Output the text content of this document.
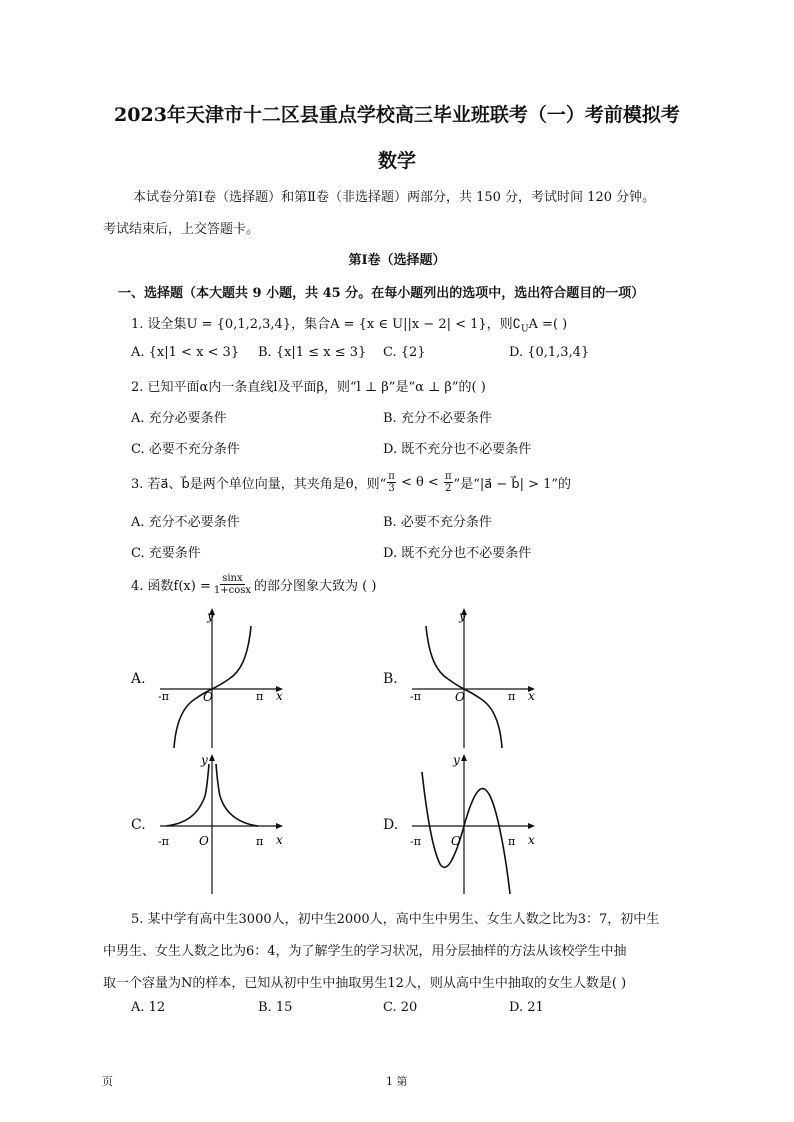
2023年天津市十二区县重点学校高三毕业班联考（一）考前模拟考
数学
本试卷分第Ⅰ卷（选择题）和第Ⅱ卷（非选择题）两部分，共 150 分，考试时间 120 分钟。
考试结束后，上交答题卡。
第Ⅰ卷（选择题）
一、选择题（本大题共 9 小题，共 45 分。在每小题列出的选项中，选出符合题目的一项）
1. 设全集U = {0,1,2,3,4}，集合A = {x ∈ U||x − 2| < 1}，则$∁_UA$ =( )
A. {x|1 < x < 3} B. {x|1 ≤ x ≤ 3} C. {2}	D. {0,1,3,4}
2. 已知平面α内一条直线l及平面β，则“l ⊥ β”是“α ⊥ β”的( )
A. 充分必要条件	B. 充分不必要条件
C. 必要不充分条件	D. 既不充分也不必要条件
3. 若a⃗、b⃗是两个单位向量，其夹角是θ，则“ $\frac{\pi}{3} < \theta < \frac{\pi}{2}$ ”是“|a⃗ − b⃗| > 1”的
A. 充分不必要条件	B. 必要不充分条件
C. 充要条件	D. 既不充分也不必要条件
4. 函数$f(x) = \frac{\sin x}{1+\cos x}$ 的部分图象大致为 ( )
A.	B.
C.	D.
y
x
O
-π	π
y
x
O
-π	π
y
x
O
-π	π
y
x
O
-π	π
5. 某中学有高中生3000人，初中生2000人，高中生中男生、女生人数之比为3：7，初中生
中男生、女生人数之比为6：4，为了解学生的学习状况，用分层抽样的方法从该校学生中抽
取一个容量为N的样本，已知从初中生中抽取男生12人，则从高中生中抽取的女生人数是( )
A. 12	B. 15	C. 20	D. 21
页	1 第
